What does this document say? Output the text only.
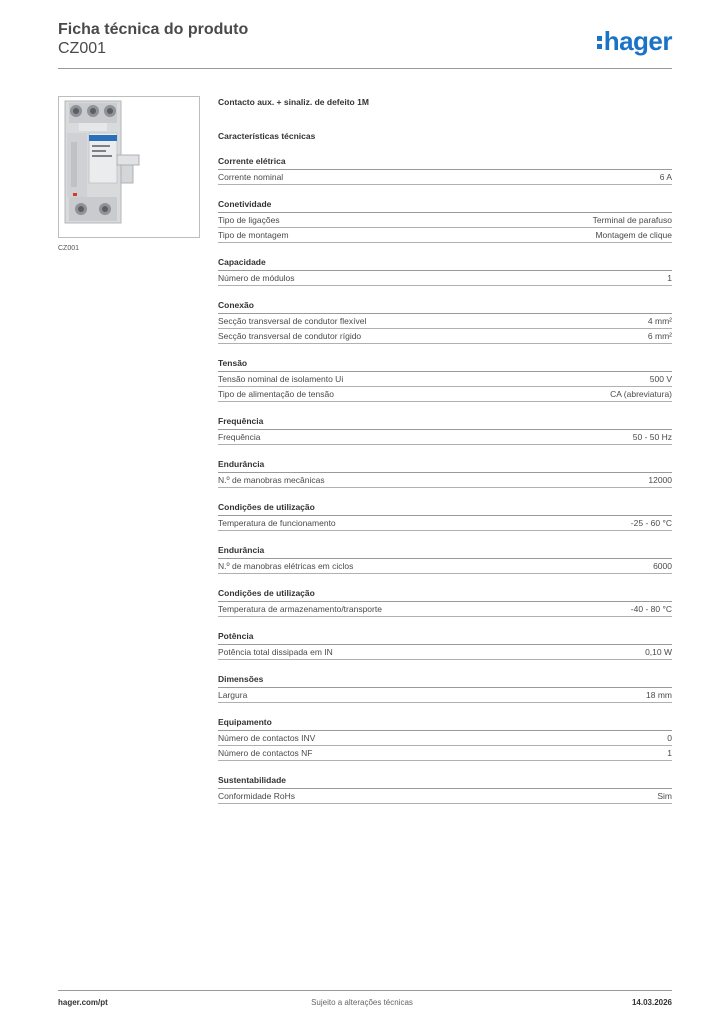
Ficha técnica do produto
CZ001	hager
CZ001
Contacto aux. + sinaliz. de defeito 1M
Características técnicas
Corrente elétrica
Corrente nominal	6 A
Conetividade
Tipo de ligações	Terminal de parafuso
Tipo de montagem	Montagem de clique
Capacidade
Número de módulos	1
Conexão
Secção transversal de condutor flexível	4 mm²
Secção transversal de condutor rígido	6 mm²
Tensão
Tensão nominal de isolamento Ui	500 V
Tipo de alimentação de tensão	CA (abreviatura)
Frequência
Frequência	50 - 50 Hz
Endurância
N.º de manobras mecânicas	12000
Condições de utilização
Temperatura de funcionamento	-25 - 60 °C
Endurância
N.º de manobras elétricas em ciclos	6000
Condições de utilização
Temperatura de armazenamento/transporte	-40 - 80 °C
Potência
Potência total dissipada em IN	0,10 W
Dimensões
Largura	18 mm
Equipamento
Número de contactos INV	0
Número de contactos NF	1
Sustentabilidade
Conformidade RoHs	Sim
hager.com/pt	Sujeito a alterações técnicas	14.03.2026
